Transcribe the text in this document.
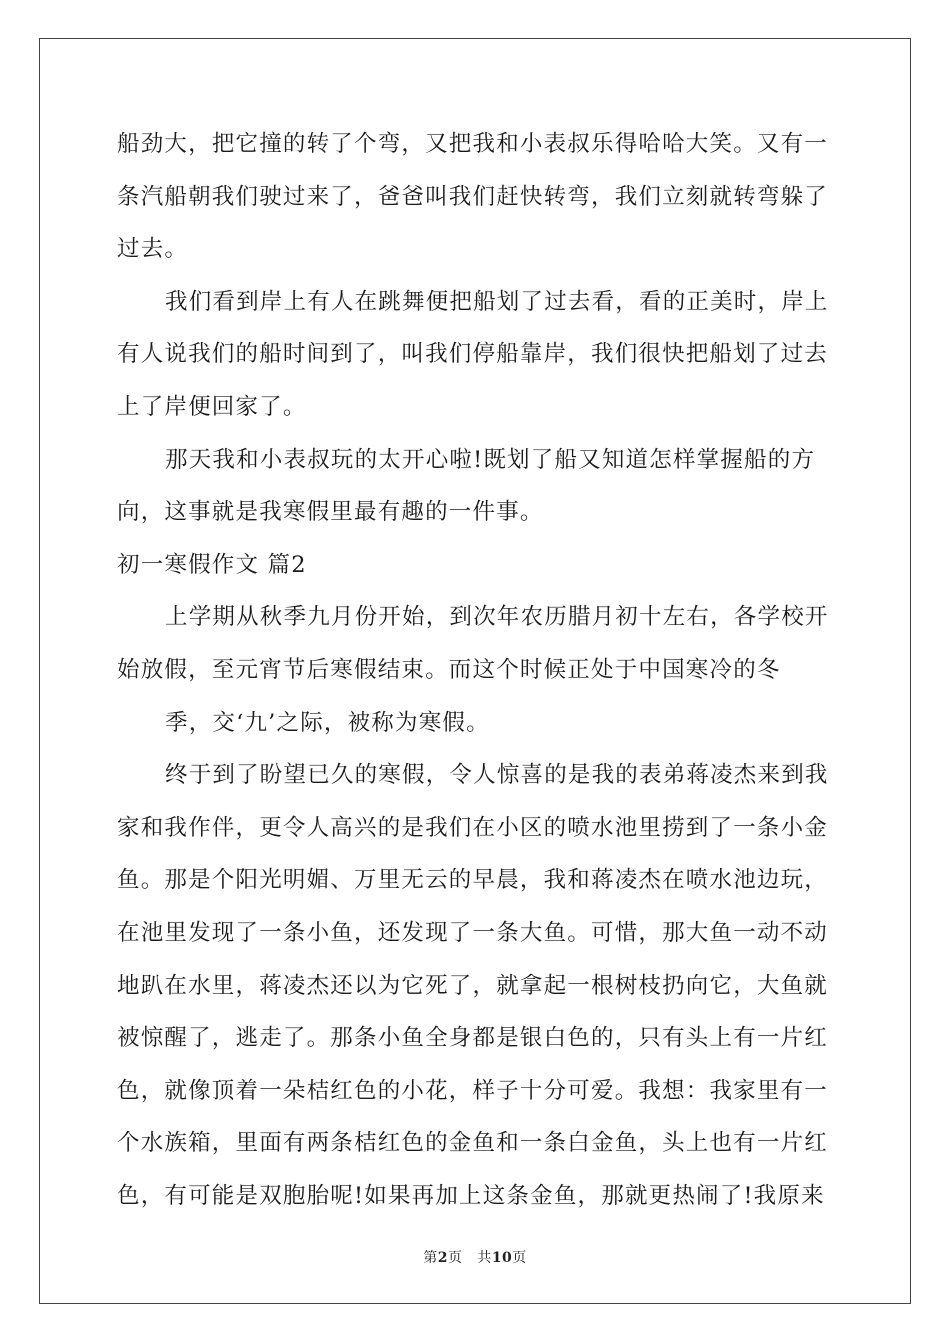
船劲大，把它撞的转了个弯，又把我和小表叔乐得哈哈大笑。又有一
条汽船朝我们驶过来了，爸爸叫我们赶快转弯，我们立刻就转弯躲了
过去。
我们看到岸上有人在跳舞便把船划了过去看，看的正美时，岸上
有人说我们的船时间到了，叫我们停船靠岸，我们很快把船划了过去
上了岸便回家了。
那天我和小表叔玩的太开心啦!既划了船又知道怎样掌握船的方
向，这事就是我寒假里最有趣的一件事。
初一寒假作文 篇2
上学期从秋季九月份开始，到次年农历腊月初十左右，各学校开
始放假，至元宵节后寒假结束。而这个时候正处于中国寒冷的冬
季，交‘九’之际，被称为寒假。
终于到了盼望已久的寒假，令人惊喜的是我的表弟蒋凌杰来到我
家和我作伴，更令人高兴的是我们在小区的喷水池里捞到了一条小金
鱼。那是个阳光明媚、万里无云的早晨，我和蒋凌杰在喷水池边玩，
在池里发现了一条小鱼，还发现了一条大鱼。可惜，那大鱼一动不动
地趴在水里，蒋凌杰还以为它死了，就拿起一根树枝扔向它，大鱼就
被惊醒了，逃走了。那条小鱼全身都是银白色的，只有头上有一片红
色，就像顶着一朵桔红色的小花，样子十分可爱。我想：我家里有一
个水族箱，里面有两条桔红色的金鱼和一条白金鱼，头上也有一片红
色，有可能是双胞胎呢!如果再加上这条金鱼，那就更热闹了!我原来
第2页   共10页
